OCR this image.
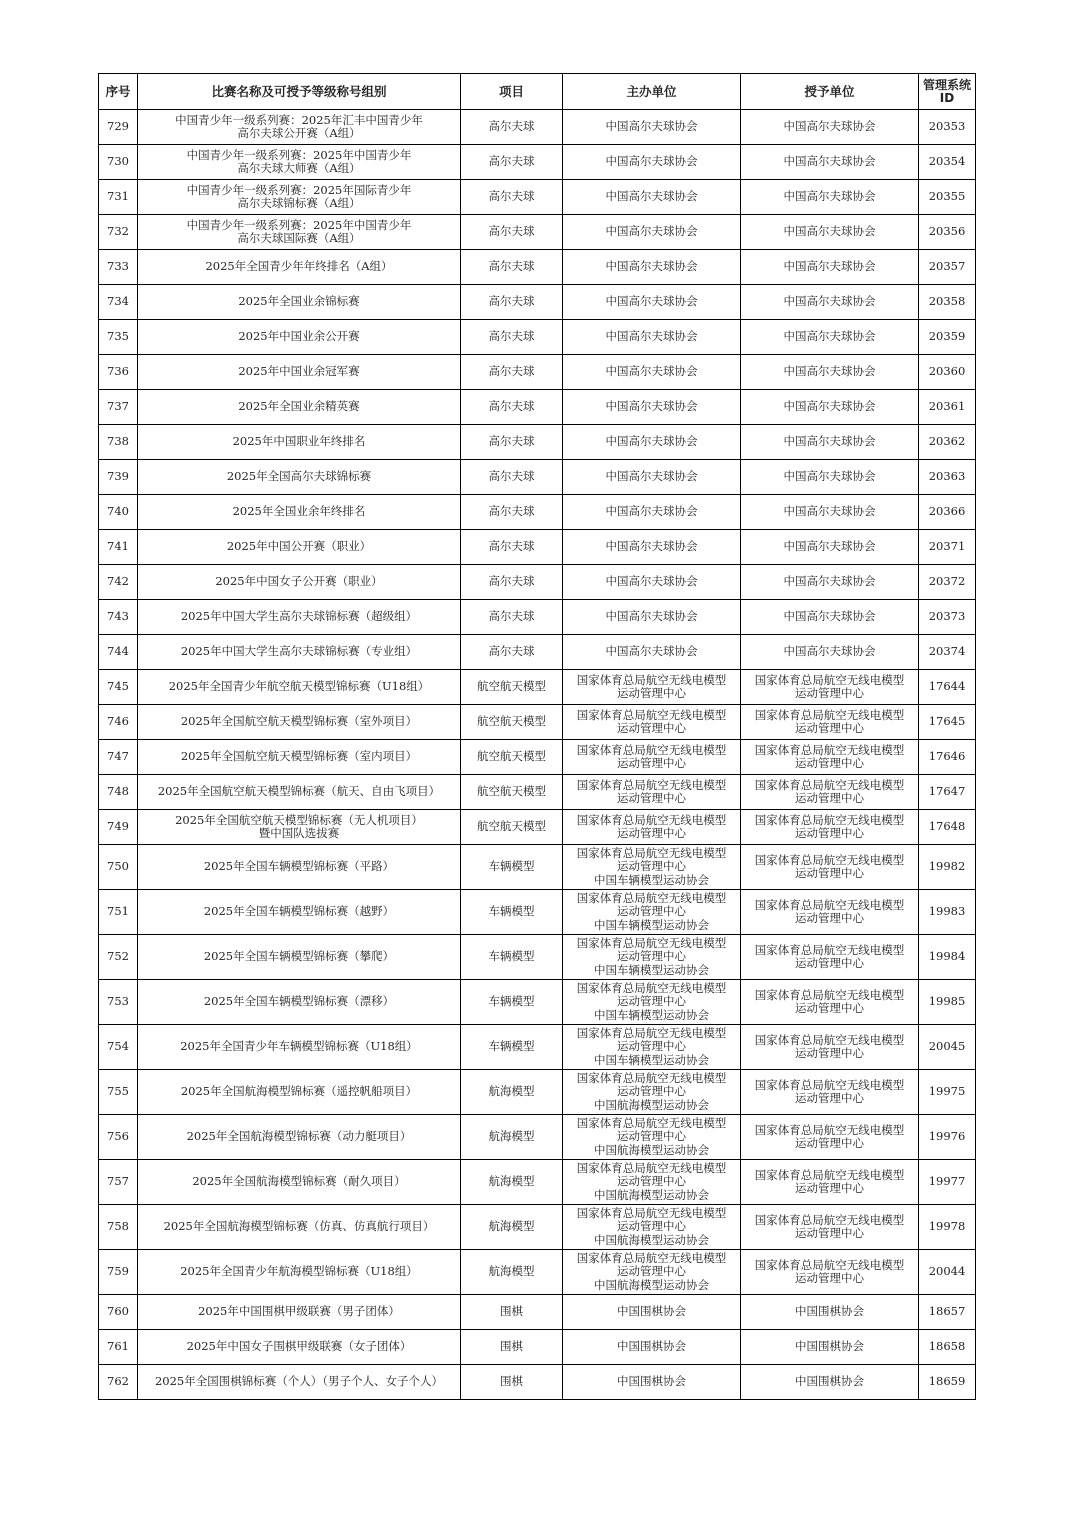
序号	比赛名称及可授予等级称号组别	项目	主办单位	授予单位	管理系统ID
729	中国青少年一级系列赛：2025年汇丰中国青少年
高尔夫球公开赛（A组）	高尔夫球	中国高尔夫球协会	中国高尔夫球协会	20353
730	中国青少年一级系列赛：2025年中国青少年
高尔夫球大师赛（A组）	高尔夫球	中国高尔夫球协会	中国高尔夫球协会	20354
731	中国青少年一级系列赛：2025年国际青少年
高尔夫球锦标赛（A组）	高尔夫球	中国高尔夫球协会	中国高尔夫球协会	20355
732	中国青少年一级系列赛：2025年中国青少年
高尔夫球国际赛（A组）	高尔夫球	中国高尔夫球协会	中国高尔夫球协会	20356
733	2025年全国青少年年终排名（A组）	高尔夫球	中国高尔夫球协会	中国高尔夫球协会	20357
734	2025年全国业余锦标赛	高尔夫球	中国高尔夫球协会	中国高尔夫球协会	20358
735	2025年中国业余公开赛	高尔夫球	中国高尔夫球协会	中国高尔夫球协会	20359
736	2025年中国业余冠军赛	高尔夫球	中国高尔夫球协会	中国高尔夫球协会	20360
737	2025年全国业余精英赛	高尔夫球	中国高尔夫球协会	中国高尔夫球协会	20361
738	2025年中国职业年终排名	高尔夫球	中国高尔夫球协会	中国高尔夫球协会	20362
739	2025年全国高尔夫球锦标赛	高尔夫球	中国高尔夫球协会	中国高尔夫球协会	20363
740	2025年全国业余年终排名	高尔夫球	中国高尔夫球协会	中国高尔夫球协会	20366
741	2025年中国公开赛（职业）	高尔夫球	中国高尔夫球协会	中国高尔夫球协会	20371
742	2025年中国女子公开赛（职业）	高尔夫球	中国高尔夫球协会	中国高尔夫球协会	20372
743	2025年中国大学生高尔夫球锦标赛（超级组）	高尔夫球	中国高尔夫球协会	中国高尔夫球协会	20373
744	2025年中国大学生高尔夫球锦标赛（专业组）	高尔夫球	中国高尔夫球协会	中国高尔夫球协会	20374
745	2025年全国青少年航空航天模型锦标赛（U18组）	航空航天模型	国家体育总局航空无线电模型
运动管理中心	国家体育总局航空无线电模型
运动管理中心	17644
746	2025年全国航空航天模型锦标赛（室外项目）	航空航天模型	国家体育总局航空无线电模型
运动管理中心	国家体育总局航空无线电模型
运动管理中心	17645
747	2025年全国航空航天模型锦标赛（室内项目）	航空航天模型	国家体育总局航空无线电模型
运动管理中心	国家体育总局航空无线电模型
运动管理中心	17646
748	2025年全国航空航天模型锦标赛（航天、自由飞项目）	航空航天模型	国家体育总局航空无线电模型
运动管理中心	国家体育总局航空无线电模型
运动管理中心	17647
749	2025年全国航空航天模型锦标赛（无人机项目）
暨中国队选拔赛	航空航天模型	国家体育总局航空无线电模型
运动管理中心	国家体育总局航空无线电模型
运动管理中心	17648
750	2025年全国车辆模型锦标赛（平路）	车辆模型	国家体育总局航空无线电模型
运动管理中心
中国车辆模型运动协会	国家体育总局航空无线电模型
运动管理中心	19982
751	2025年全国车辆模型锦标赛（越野）	车辆模型	国家体育总局航空无线电模型
运动管理中心
中国车辆模型运动协会	国家体育总局航空无线电模型
运动管理中心	19983
752	2025年全国车辆模型锦标赛（攀爬）	车辆模型	国家体育总局航空无线电模型
运动管理中心
中国车辆模型运动协会	国家体育总局航空无线电模型
运动管理中心	19984
753	2025年全国车辆模型锦标赛（漂移）	车辆模型	国家体育总局航空无线电模型
运动管理中心
中国车辆模型运动协会	国家体育总局航空无线电模型
运动管理中心	19985
754	2025年全国青少年车辆模型锦标赛（U18组）	车辆模型	国家体育总局航空无线电模型
运动管理中心
中国车辆模型运动协会	国家体育总局航空无线电模型
运动管理中心	20045
755	2025年全国航海模型锦标赛（遥控帆船项目）	航海模型	国家体育总局航空无线电模型
运动管理中心
中国航海模型运动协会	国家体育总局航空无线电模型
运动管理中心	19975
756	2025年全国航海模型锦标赛（动力艇项目）	航海模型	国家体育总局航空无线电模型
运动管理中心
中国航海模型运动协会	国家体育总局航空无线电模型
运动管理中心	19976
757	2025年全国航海模型锦标赛（耐久项目）	航海模型	国家体育总局航空无线电模型
运动管理中心
中国航海模型运动协会	国家体育总局航空无线电模型
运动管理中心	19977
758	2025年全国航海模型锦标赛（仿真、仿真航行项目）	航海模型	国家体育总局航空无线电模型
运动管理中心
中国航海模型运动协会	国家体育总局航空无线电模型
运动管理中心	19978
759	2025年全国青少年航海模型锦标赛（U18组）	航海模型	国家体育总局航空无线电模型
运动管理中心
中国航海模型运动协会	国家体育总局航空无线电模型
运动管理中心	20044
760	2025年中国围棋甲级联赛（男子团体）	围棋	中国围棋协会	中国围棋协会	18657
761	2025年中国女子围棋甲级联赛（女子团体）	围棋	中国围棋协会	中国围棋协会	18658
762	2025年全国围棋锦标赛（个人）（男子个人、女子个人）	围棋	中国围棋协会	中国围棋协会	18659
